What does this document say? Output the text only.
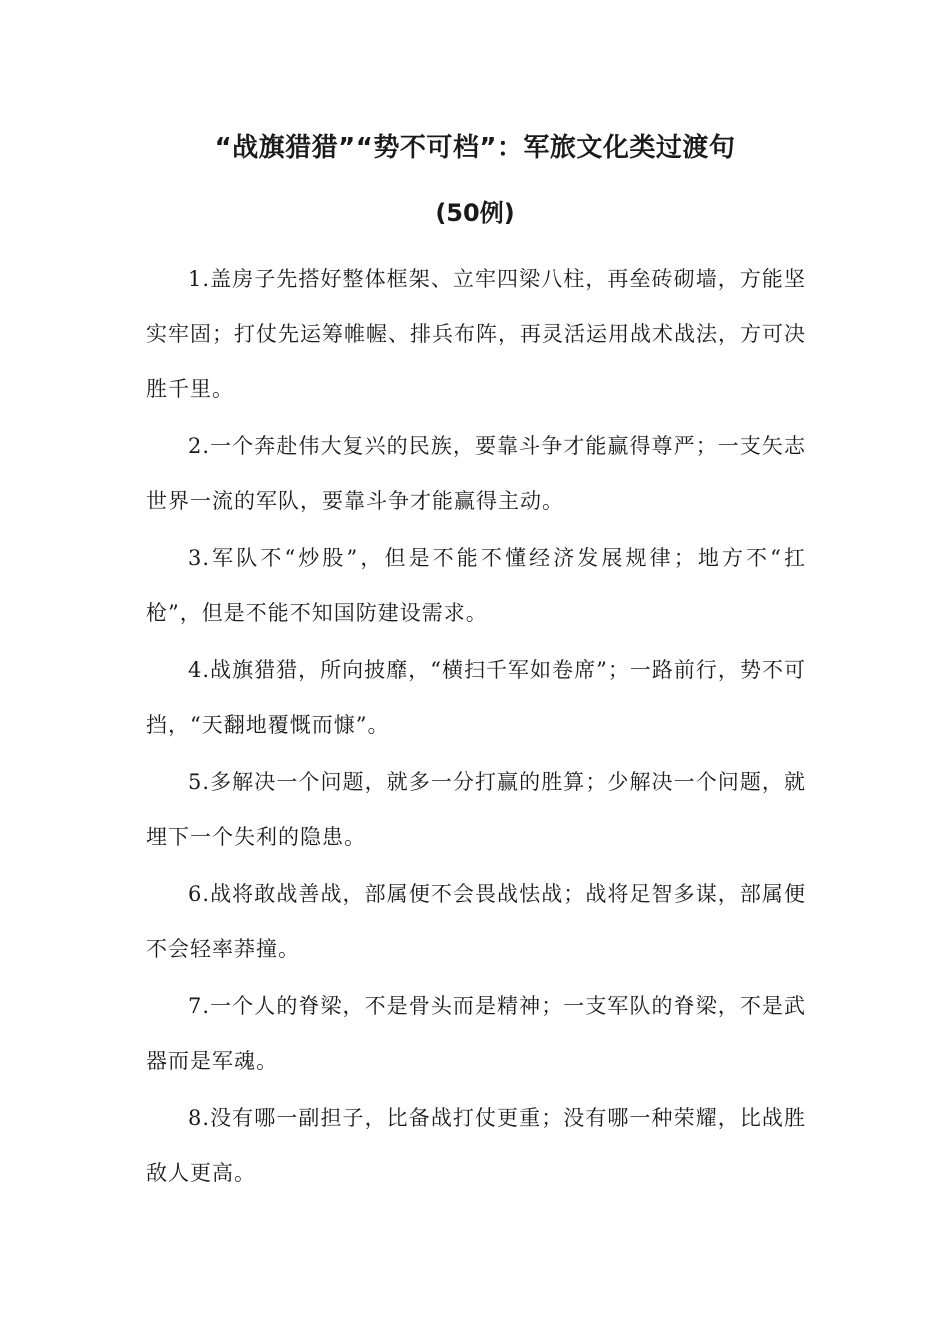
“战旗猎猎”“势不可档”：军旅文化类过渡句
(50例)

1.盖房子先搭好整体框架、立牢四梁八柱，再垒砖砌墙，方能坚实牢固；打仗先运筹帷幄、排兵布阵，再灵活运用战术战法，方可决胜千里。

2.一个奔赴伟大复兴的民族，要靠斗争才能赢得尊严；一支矢志世界一流的军队，要靠斗争才能赢得主动。

3.军队不“炒股”，但是不能不懂经济发展规律；地方不“扛枪”，但是不能不知国防建设需求。

4.战旗猎猎，所向披靡，“横扫千军如卷席”；一路前行，势不可挡，“天翻地覆慨而慷”。

5.多解决一个问题，就多一分打赢的胜算；少解决一个问题，就埋下一个失利的隐患。

6.战将敢战善战，部属便不会畏战怯战；战将足智多谋，部属便不会轻率莽撞。

7.一个人的脊梁，不是骨头而是精神；一支军队的脊梁，不是武器而是军魂。

8.没有哪一副担子，比备战打仗更重；没有哪一种荣耀，比战胜敌人更高。
